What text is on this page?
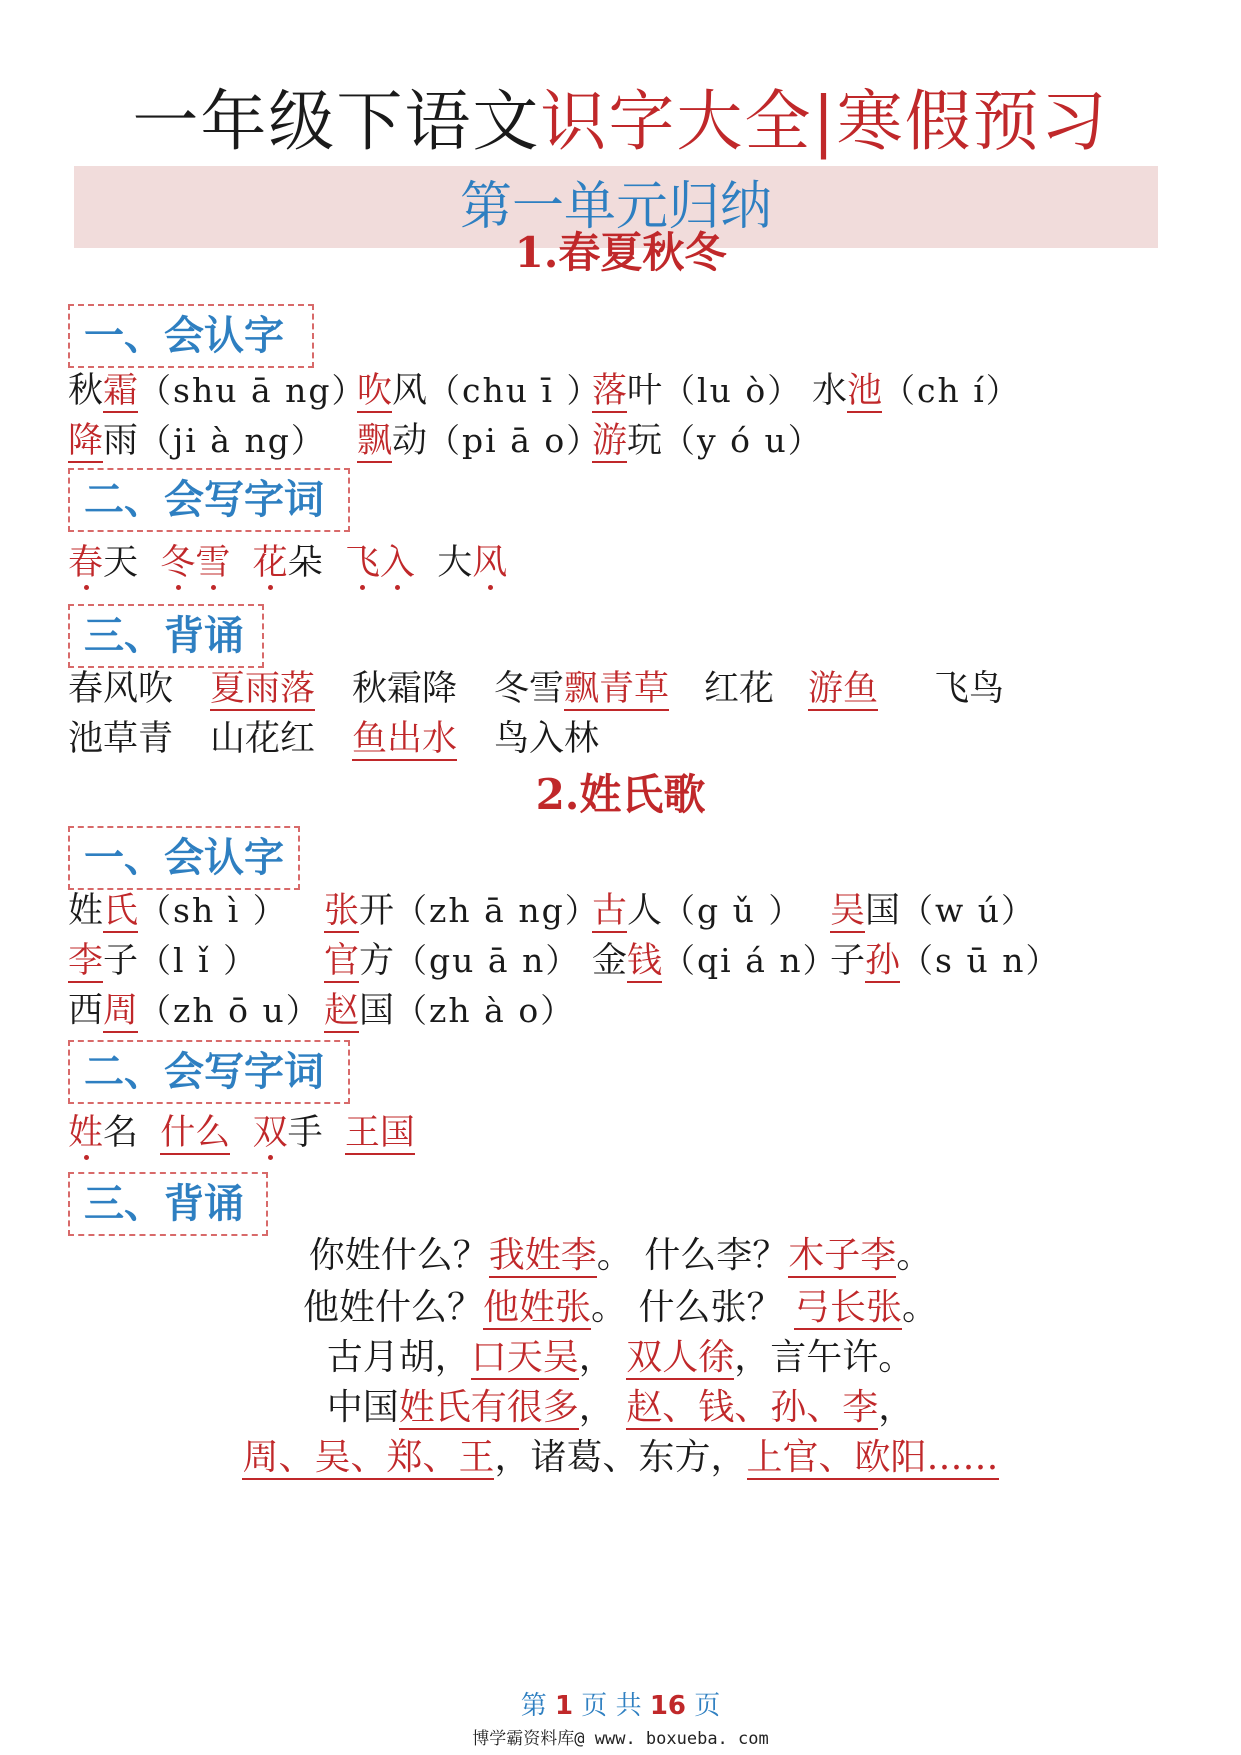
一年级下语文识字大全|寒假预习
第一单元归纳
1.春夏秋冬
一、会认字
秋霜（shu ā ng）
吹风（chu ī ）
落叶（lu ò） 水池（ch í）
降雨（ji à ng） 飘动（pi ā o）
游玩（y ó u）
二、会写字词
春天 冬雪 花朵 飞入 大风
三、背诵
春风吹 夏雨落 秋霜降 冬雪飘青草 红花 游鱼 飞鸟
池草青 山花红 鱼出水 鸟入林
2.姓氏歌
一、会认字
姓氏（sh ì ） 张开（zh ā ng）
古人（g ǔ ） 吴国（w ú）
李子（l ǐ ） 官方（gu ā n） 金钱（qi á n）
子孙（s ū n）
西周（zh ō u） 赵国（zh à o）
二、会写字词
姓名 什么 双手 王国
三、背诵
你姓什么？我姓李。 什么李？木子李。
他姓什么？他姓张。 什么张？ 弓长张。
古月胡，口天吴， 双人徐，言午许。
中国姓氏有很多， 赵、钱、孙、李，
周、吴、郑、王，诸葛、东方，上官、欧阳……
第 1 页 共 16 页
博学霸资料库@ www. boxueba. com
